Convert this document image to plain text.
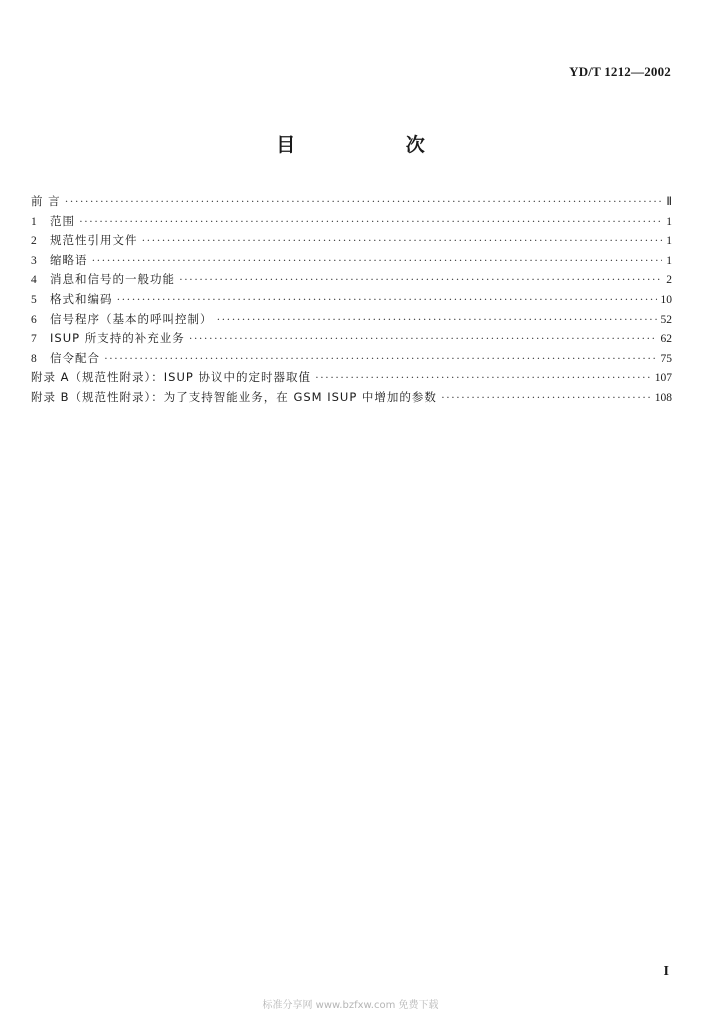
YD/T 1212—2002
目 次
前 言 ·····	Ⅱ
1	范围 ·····	1
2	规范性引用文件 ·····	1
3	缩略语 ·····	1
4	消息和信号的一般功能 ·····	2
5	格式和编码 ·····	10
6	信号程序（基本的呼叫控制） ·····	52
7	ISUP 所支持的补充业务 ·····	62
8	信令配合 ·····	75
附录 A（规范性附录）：ISUP 协议中的定时器取值 ·····	107
附录 B（规范性附录）：为了支持智能业务，在 GSM ISUP 中增加的参数 ·····	108
I
标准分享网 www.bzfxw.com 免费下载
